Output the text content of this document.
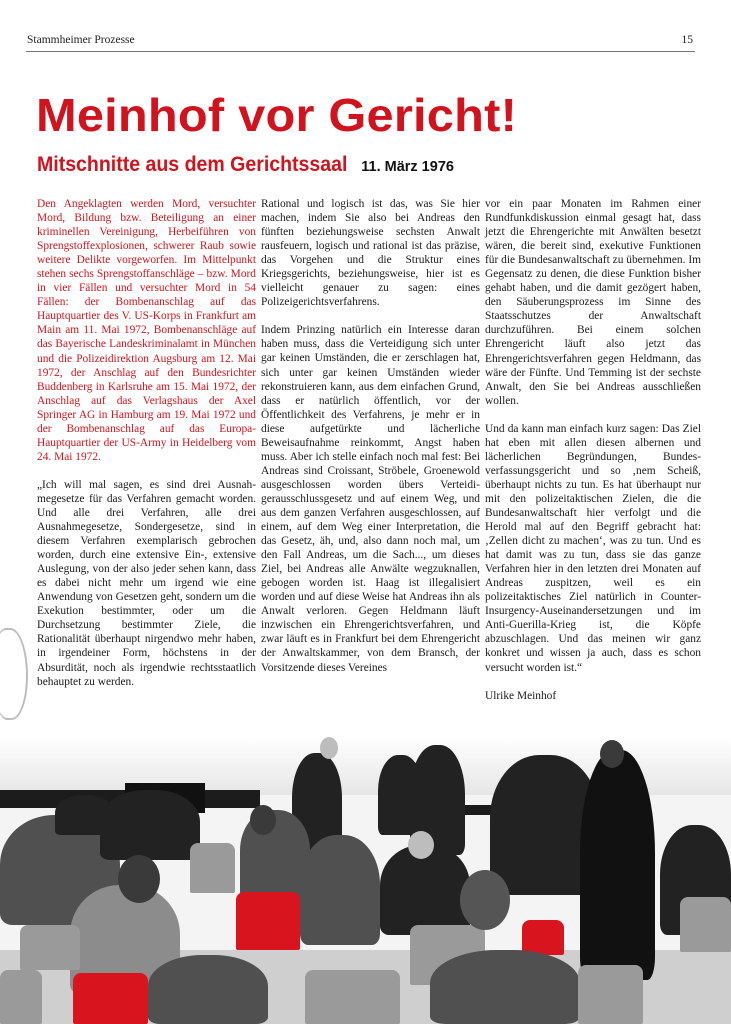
Stammheimer Prozesse	15
Meinhof vor Gericht!
Mitschnitte aus dem Gerichtssaal 11. März 1976

Den Angeklagten werden Mord, versuchter Mord, Bildung bzw. Beteiligung an einer kriminellen Vereinigung, Herbeiführen von Sprengstoffexplosionen, schwerer Raub sowie weitere Delikte vorgeworfen. Im Mittelpunkt stehen sechs Sprengstoffanschläge – bzw. Mord in vier Fällen und versuchter Mord in 54 Fällen: der Bombenanschlag auf das Hauptquartier des V. US-Korps in Frankfurt am Main am 11. Mai 1972, Bombenanschläge auf das Bayerische Landeskriminalamt in München und die Polizeidirektion Augsburg am 12. Mai 1972, der Anschlag auf den Bundesrichter Buddenberg in Karlsruhe am 15. Mai 1972, der Anschlag auf das Verlagshaus der Axel Springer AG in Hamburg am 19. Mai 1972 und der Bombenanschlag auf das Europa-Hauptquartier der US-Army in Heidelberg vom 24. Mai 1972.

„Ich will mal sagen, es sind drei Ausnahmegesetze für das Verfahren gemacht worden. Und alle drei Verfahren, alle drei Ausnahmegesetze, Sondergesetze, sind in diesem Verfahren exemplarisch gebrochen worden, durch eine extensive Ein-, extensive Auslegung, von der also jeder sehen kann, dass es dabei nicht mehr um irgend wie eine Anwendung von Gesetzen geht, sondern um die Exekution bestimmter, oder um die Durchsetzung bestimmter Ziele, die Rationalität überhaupt nirgendwo mehr haben, in irgendeiner Form, höchstens in der Absurdität, noch als irgendwie rechtsstaatlich behauptet zu werden.

Rational und logisch ist das, was Sie hier machen, indem Sie also bei Andreas den fünften beziehungsweise sechsten Anwalt rausfeuern, logisch und rational ist das präzise, das Vorgehen und die Struktur eines Kriegsgerichts, beziehungsweise, hier ist es vielleicht genauer zu sagen: eines Polizeigerichtsverfahrens.

Indem Prinzing natürlich ein Interesse daran haben muss, dass die Verteidigung sich unter gar keinen Umständen, die er zerschlagen hat, sich unter gar keinen Umständen wieder rekonstruieren kann, aus dem einfachen Grund, dass er natürlich öffentlich, vor der Öffentlichkeit des Verfahrens, je mehr er in diese aufgetürkte und lächerliche Beweisaufnahme reinkommt, Angst haben muss. Aber ich stelle einfach noch mal fest: Bei Andreas sind Croissant, Ströbele, Groenewold ausgeschlossen worden übers Verteidigerausschlussgesetz und auf einem Weg, und aus dem ganzen Verfahren ausgeschlossen, auf einem, auf dem Weg einer Interpretation, die das Gesetz, äh, und, also dann noch mal, um den Fall Andreas, um die Sach..., um dieses Ziel, bei Andreas alle Anwälte wegzuknallen, gebogen worden ist. Haag ist illegalisiert worden und auf diese Weise hat Andreas ihn als Anwalt verloren. Gegen Heldmann läuft inzwischen ein Ehrengerichtsverfahren, und zwar läuft es in Frankfurt bei dem Ehrengericht der Anwaltskammer, von dem Bransch, der Vorsitzende dieses Vereines

vor ein paar Monaten im Rahmen einer Rundfunkdiskussion einmal gesagt hat, dass jetzt die Ehrengerichte mit Anwälten besetzt wären, die bereit sind, exekutive Funktionen für die Bundesanwaltschaft zu übernehmen. Im Gegensatz zu denen, die diese Funktion bisher gehabt haben, und die damit gezögert haben, den Säuberungsprozess im Sinne des Staatsschutzes der Anwaltschaft durchzuführen. Bei einem solchen Ehrengericht läuft also jetzt das Ehrengerichtsverfahren gegen Heldmann, das wäre der Fünfte. Und Temming ist der sechste Anwalt, den Sie bei Andreas ausschließen wollen.

Und da kann man einfach kurz sagen: Das Ziel hat eben mit allen diesen albernen und lächerlichen Begründungen, Bundesverfassungsgericht und so ‚nem Scheiß, überhaupt nichts zu tun. Es hat überhaupt nur mit den polizeitaktischen Zielen, die die Bundesanwaltschaft hier verfolgt und die Herold mal auf den Begriff gebracht hat: ‚Zellen dicht zu machen‘, was zu tun. Und es hat damit was zu tun, dass sie das ganze Verfahren hier in den letzten drei Monaten auf Andreas zuspitzen, weil es ein polizeitaktisches Ziel natürlich in Counter-Insurgency-Auseinandersetzungen und im Anti-Guerilla-Krieg ist, die Köpfe abzuschlagen. Und das meinen wir ganz konkret und wissen ja auch, dass es schon versucht worden ist.“

Ulrike Meinhof
